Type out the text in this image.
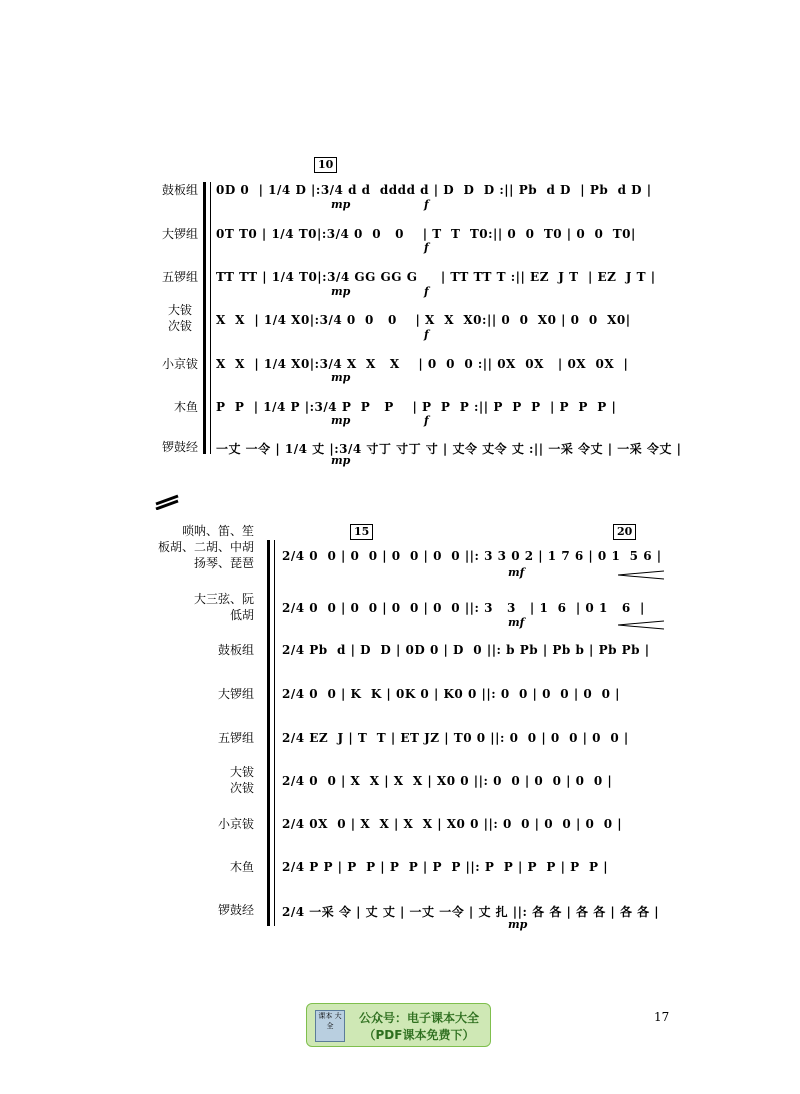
10
鼓板组
大锣组
五锣组
大钹
次钹
小京钹
木鱼
锣鼓经
0D 0  | 1/4 D |:3/4 d d  dddd d | D  D  D :|| Pb  d D  | Pb  d D |
0T T0 | 1/4 T0|:3/4 0  0   0    | T  T  T0:|| 0  0  T0 | 0  0  T0|
TT TT | 1/4 T0|:3/4 GG GG G     | TT TT T :|| EZ  J T  | EZ  J T |
X  X  | 1/4 X0|:3/4 0  0   0    | X  X  X0:|| 0  0  X0 | 0  0  X0|
X  X  | 1/4 X0|:3/4 X  X   X    | 0  0  0 :|| 0X  0X   | 0X  0X  |
P  P  | 1/4 P |:3/4 P  P   P    | P  P  P :|| P  P  P  | P  P  P |
一丈 一令 | 1/4 丈 |:3/4 寸丁 寸丁 寸 | 丈令 丈令 丈 :|| 一采 令丈 | 一采 令丈 |
mp	f
mp
f
f
mp
mp
f
mp
f
15	20
唢呐、笛、笙
板胡、二胡、中胡
扬琴、琵琶
大三弦、阮
低胡
鼓板组
大锣组
五锣组
大钹
次钹
小京钹
木鱼
锣鼓经
2/4 0  0 | 0  0 | 0  0 | 0  0 ||: 3 3 0 2 | 1 7 6 | 0 1  5 6 |
2/4 0  0 | 0  0 | 0  0 | 0  0 ||: 3   3   | 1  6  | 0 1   6  |
2/4 Pb  d | D  D | 0D 0 | D  0 ||: b Pb | Pb b | Pb Pb |
2/4 0  0 | K  K | 0K 0 | K0 0 ||: 0  0 | 0  0 | 0  0 |
2/4 EZ  J | T  T | ET JZ | T0 0 ||: 0  0 | 0  0 | 0  0 |
2/4 0  0 | X  X | X  X | X0 0 ||: 0  0 | 0  0 | 0  0 |
2/4 0X  0 | X  X | X  X | X0 0 ||: 0  0 | 0  0 | 0  0 |
2/4 P P | P  P | P  P | P  P ||: P  P | P  P | P  P |
2/4 一采 令 | 丈 丈 | 一丈 一令 | 丈 扎 ||: 各 各 | 各 各 | 各 各 |
mf
mf
mp
课本 大全
公众号：电子课本大全
（PDF课本免费下）
17
